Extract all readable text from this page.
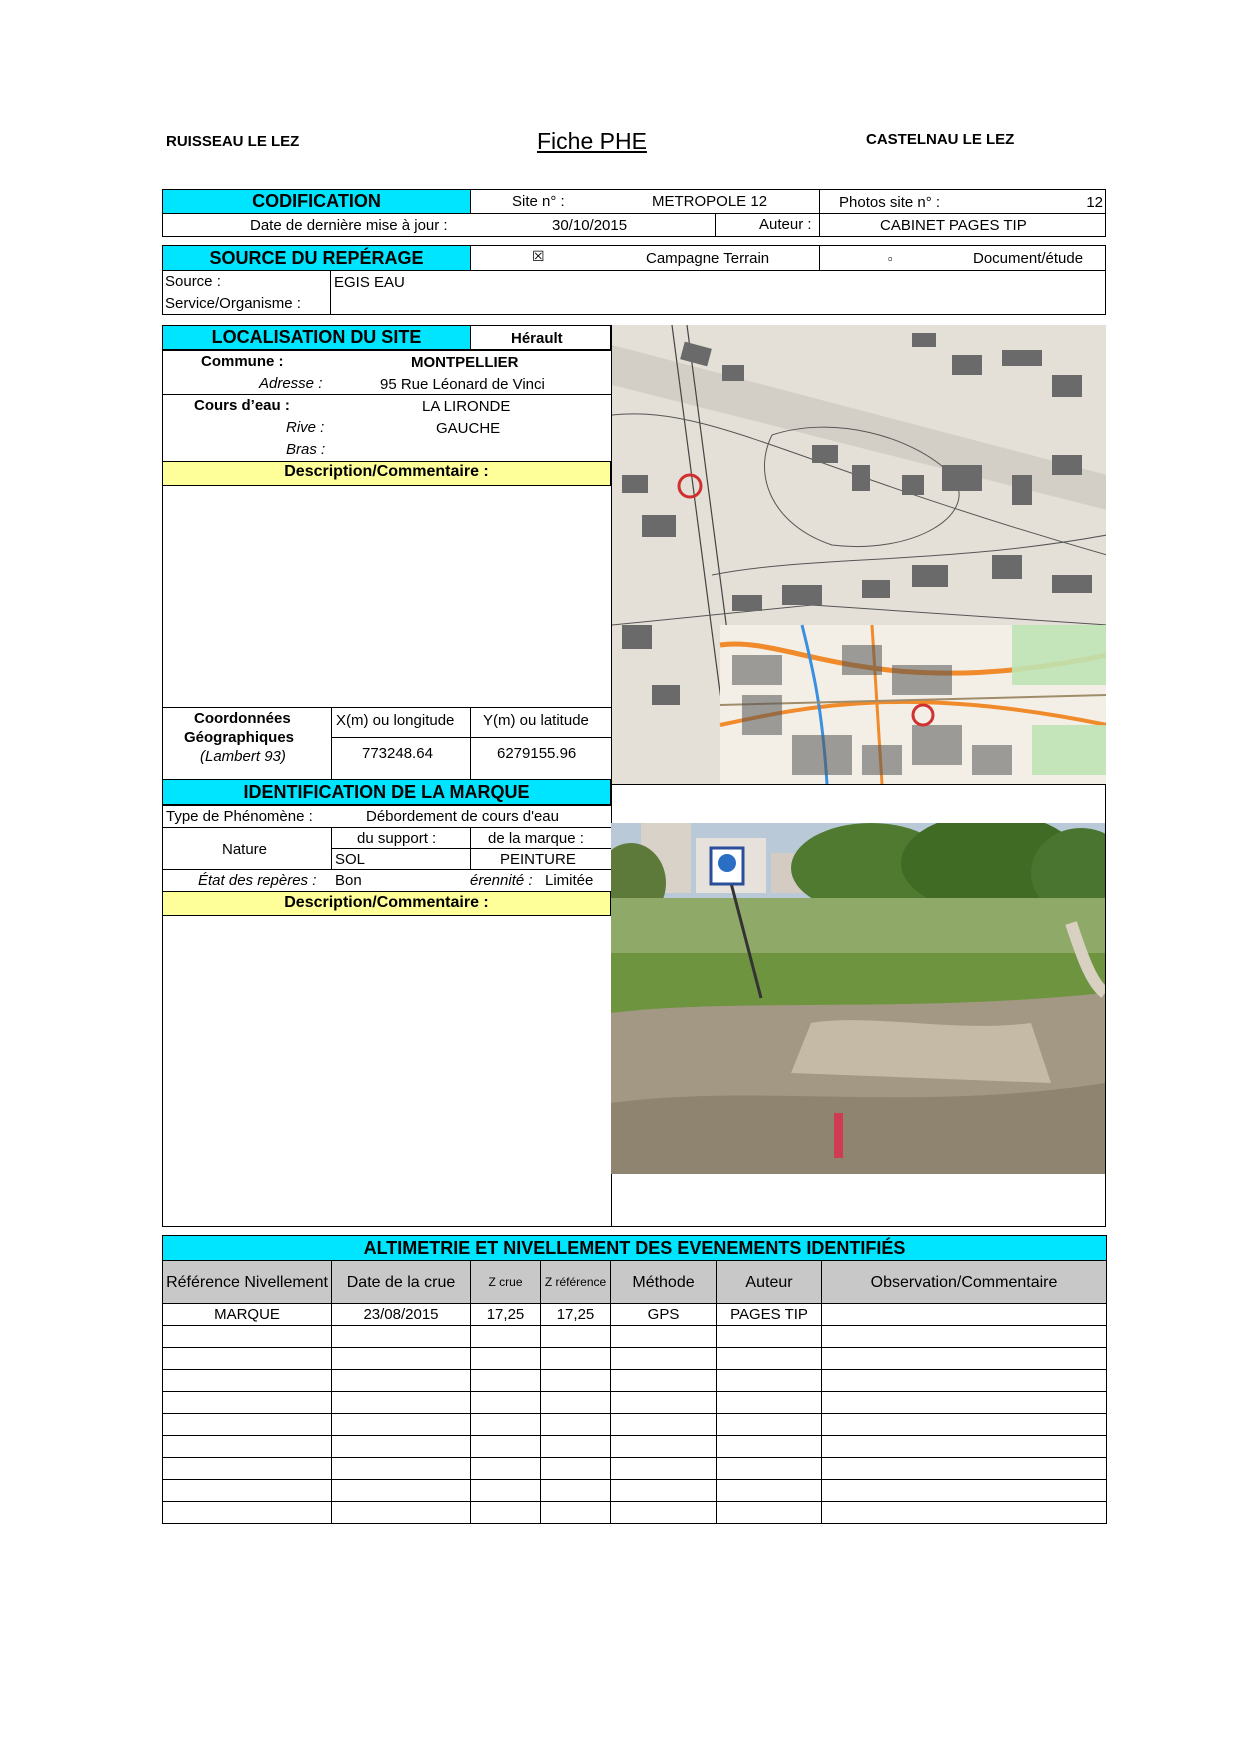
RUISSEAU LE LEZ	Fiche PHE	CASTELNAU LE LEZ
CODIFICATION	Site n° :	METROPOLE 12	Photos site n° :	12
Date de dernière mise à jour :	30/10/2015	Auteur :	CABINET PAGES TIP
SOURCE DU REPÉRAGE	☒	Campagne Terrain	▫	Document/étude
Source :
Service/Organisme :
EGIS EAU
LOCALISATION DU SITE	Hérault
Commune :	MONTPELLIER
Adresse :	95 Rue Léonard de Vinci
Cours d’eau :	LA LIRONDE
Rive :	GAUCHE
Bras :
Description/Commentaire :
Coordonnées
Géographiques
(Lambert 93)
X(m) ou longitude Y(m) ou latitude
773248.64	6279155.96
IDENTIFICATION DE LA MARQUE
Type de Phénomène :	Débordement de cours d'eau
Nature
du support :	de la marque :
SOL	PEINTURE
État des repères : Bon	érennité : Limitée
Description/Commentaire :
ALTIMETRIE ET NIVELLEMENT DES EVENEMENTS IDENTIFIÉS						
Référence Nivellement	Date de la crue	Z crue	Z référence	Méthode	Auteur	Observation/Commentaire
MARQUE	23/08/2015	17,25	17,25	GPS	PAGES TIP	
